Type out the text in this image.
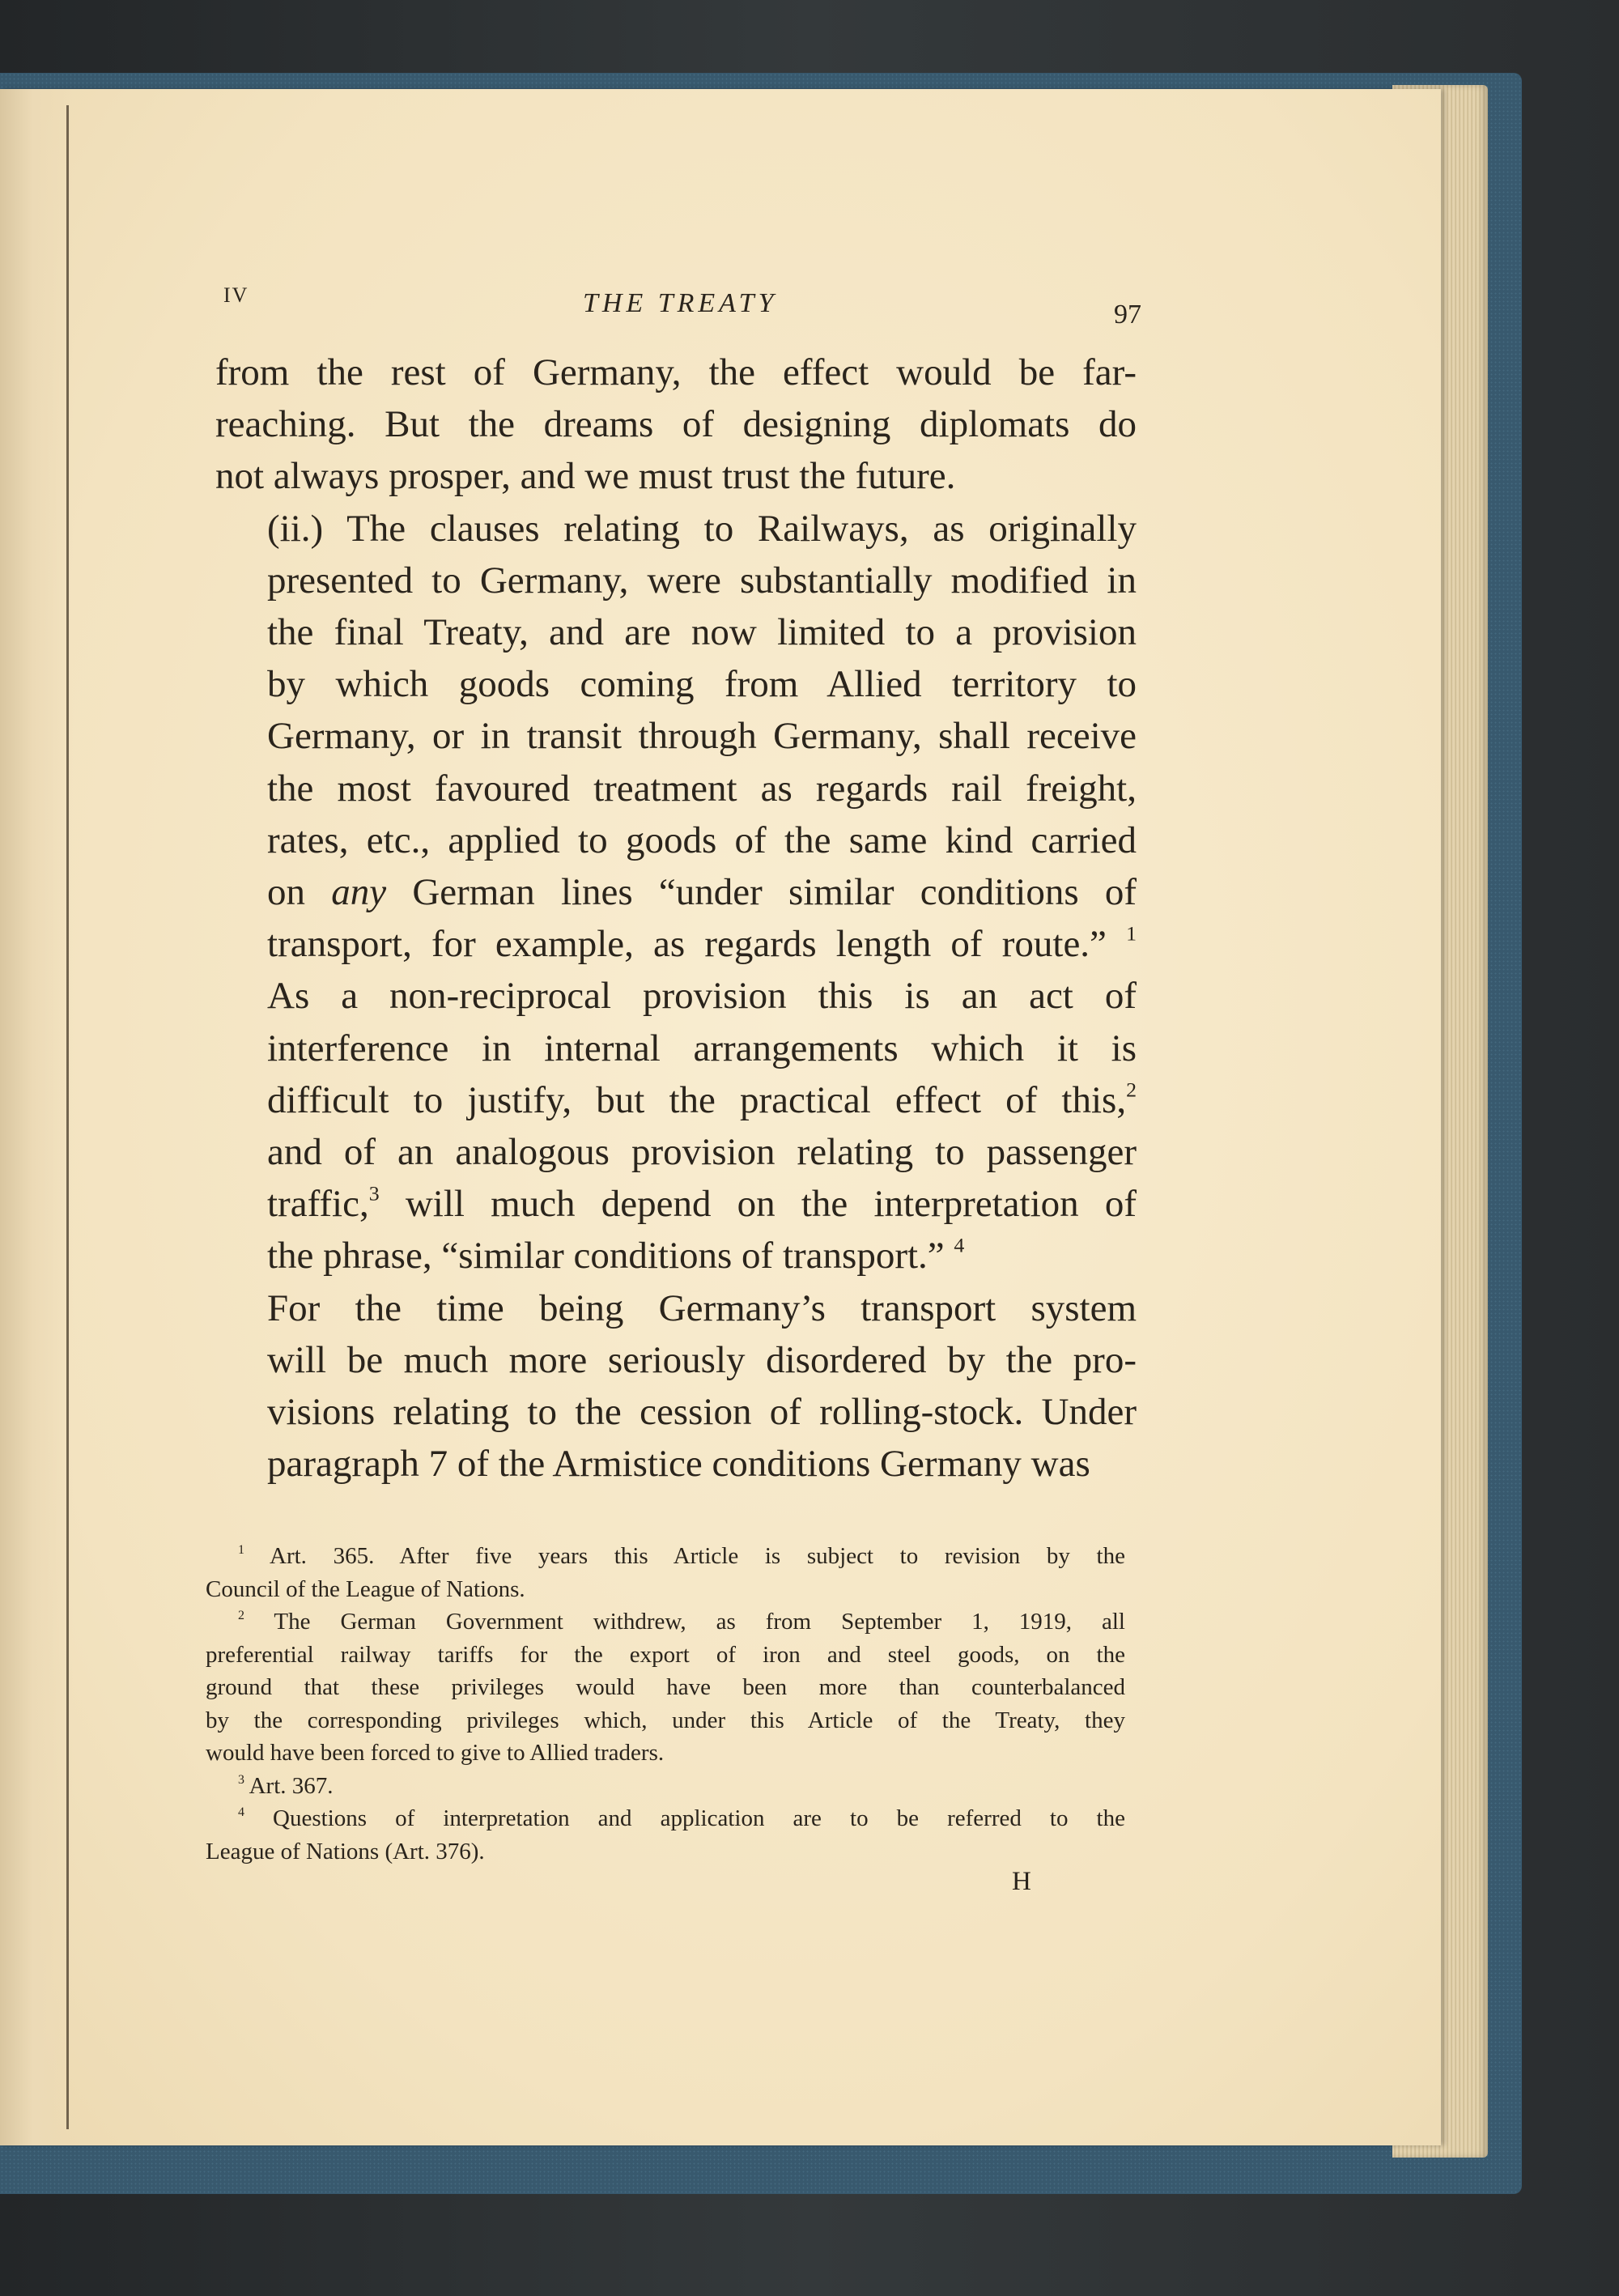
IV	THE TREATY	97

from the rest of Germany, the effect would be far-
reaching. But the dreams of designing diplomats do
not always prosper, and we must trust the future.

(ii.) The clauses relating to Railways, as originally
presented to Germany, were substantially modified in
the final Treaty, and are now limited to a provision
by which goods coming from Allied territory to
Germany, or in transit through Germany, shall receive
the most favoured treatment as regards rail freight,
rates, etc., applied to goods of the same kind carried
on any German lines “under similar conditions of
transport, for example, as regards length of route.” $^1$
As a non-reciprocal provision this is an act of
interference in internal arrangements which it is
difficult to justify, but the practical effect of this,$^2$
and of an analogous provision relating to passenger
traffic,$^3$ will much depend on the interpretation of
the phrase, “similar conditions of transport.” $^4$

For the time being Germany’s transport system
will be much more seriously disordered by the pro-
visions relating to the cession of rolling-stock. Under
paragraph 7 of the Armistice conditions Germany was

$^1$ Art. 365. After five years this Article is subject to revision by the
Council of the League of Nations.

$^2$ The German Government withdrew, as from September 1, 1919, all
preferential railway tariffs for the export of iron and steel goods, on the
ground that these privileges would have been more than counterbalanced
by the corresponding privileges which, under this Article of the Treaty, they
would have been forced to give to Allied traders.

$^3$ Art. 367.

$^4$ Questions of interpretation and application are to be referred to the
League of Nations (Art. 376).

H
